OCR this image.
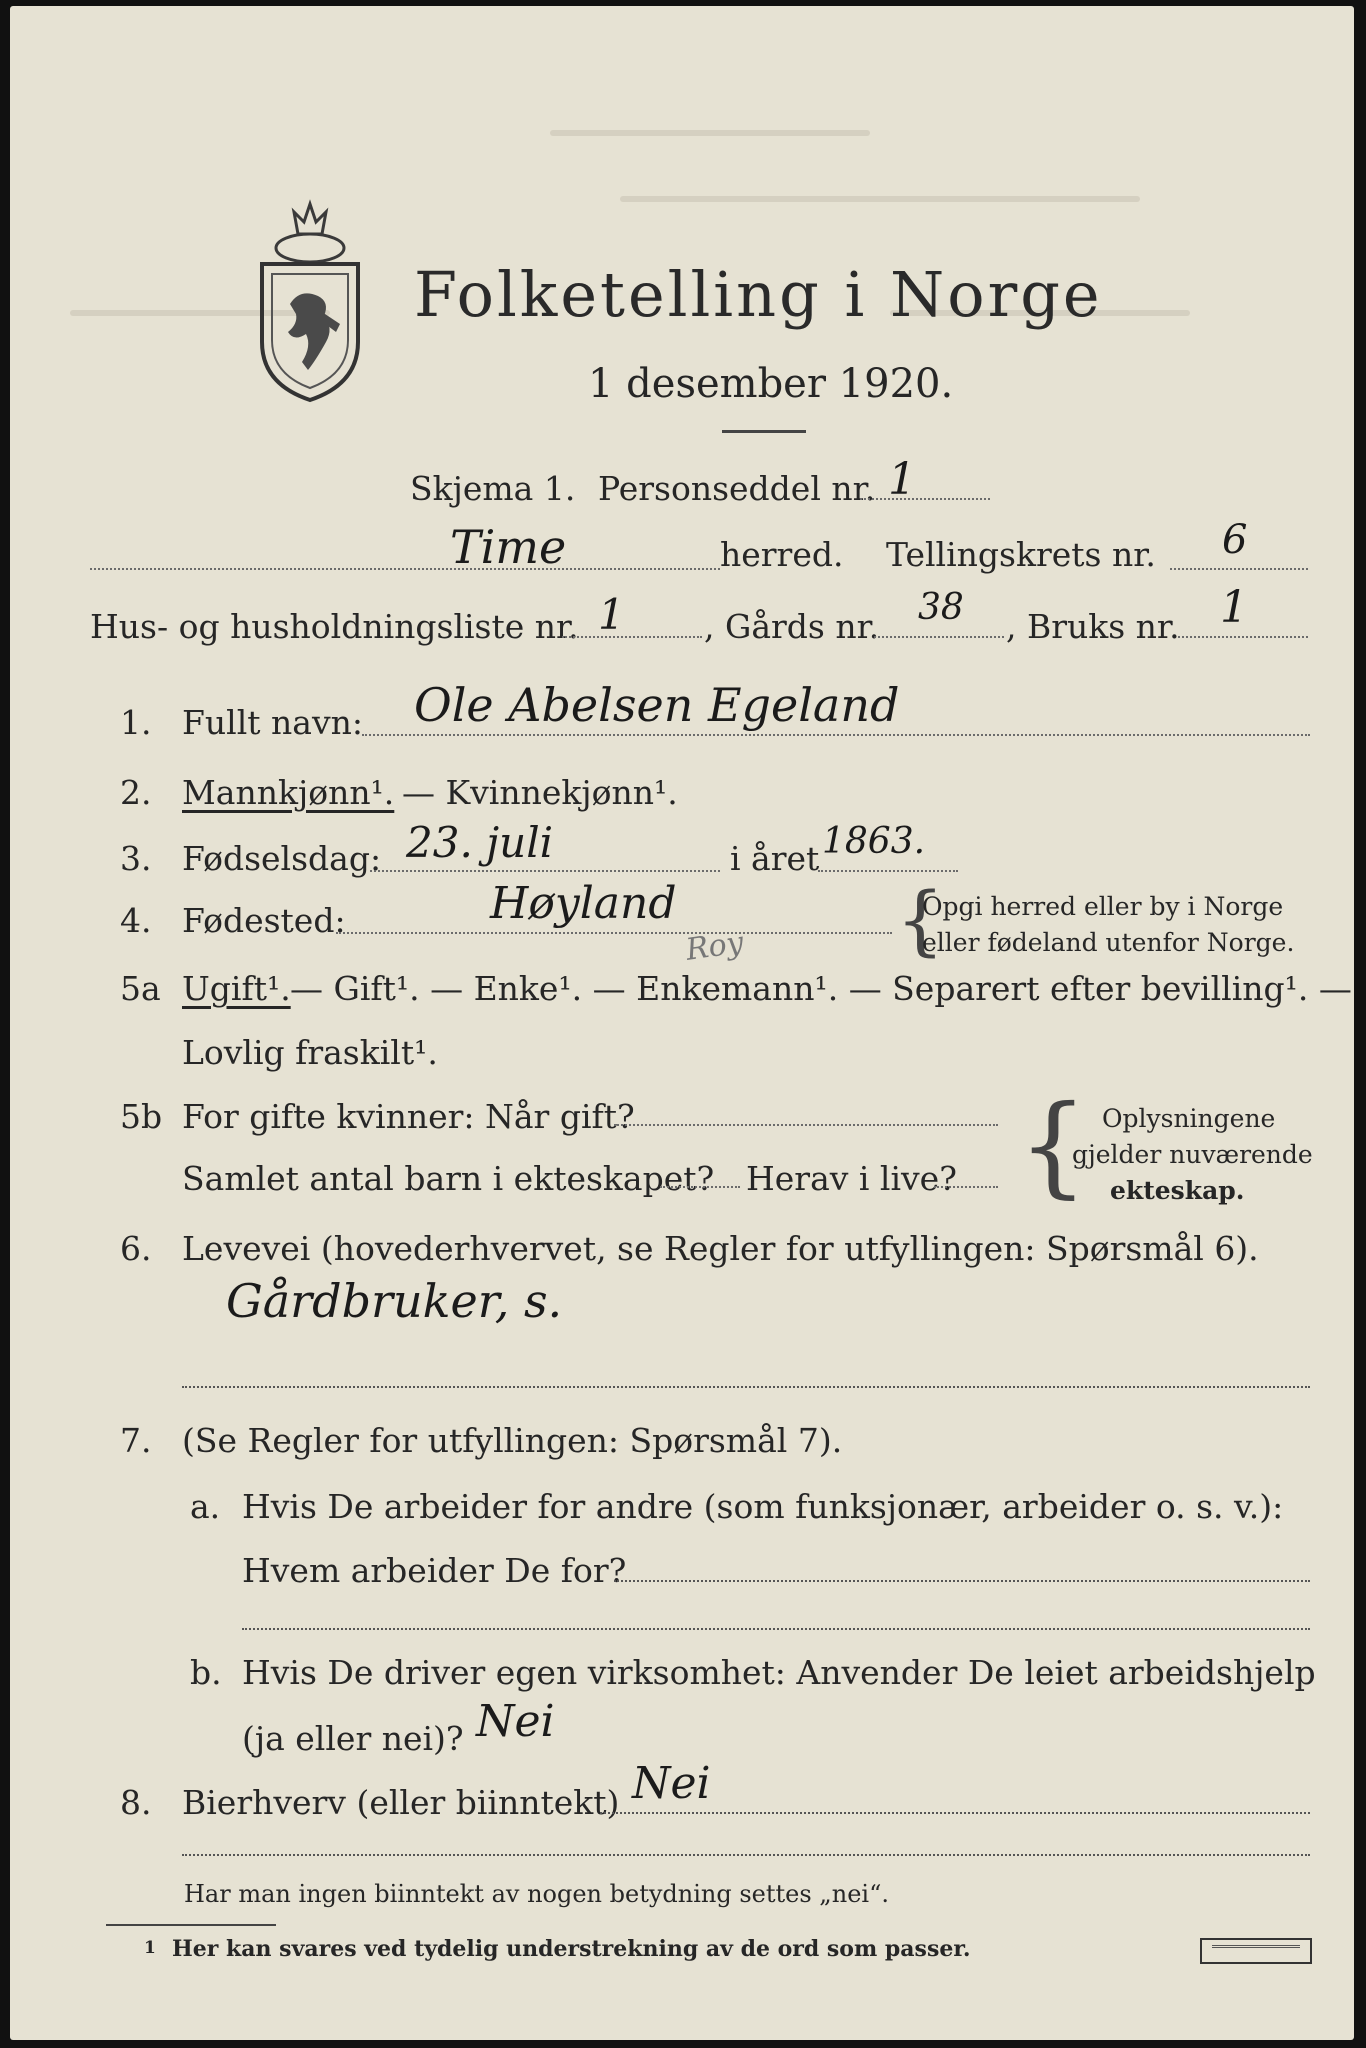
Folketelling i Norge
1 desember 1920.
Skjema 1. Personseddel nr. 1
Time	herred. Tellingskrets nr. 6
Hus- og husholdningsliste nr. 1 , Gårds nr. 38 , Bruks nr. 1
1. Fullt navn: Ole Abelsen Egeland
2. Mannkjønn¹. — Kvinnekjønn¹.
3. Fødselsdag: 23. juli	i året 1863.
4. Fødested:	Høyland
Roy {
Opgi herred eller by i Norge
eller fødeland utenfor Norge.
5a Ugift¹. — Gift¹. — Enke¹. — Enkemann¹. — Separert efter bevilling¹. —
Lovlig fraskilt¹.
5b For gifte kvinner: Når gift?
Samlet antal barn i ekteskapet? Herav i live? { Oplysningene
gjelder nuværende
ekteskap.
6. Levevei (hovederhvervet, se Regler for utfyllingen: Spørsmål 6).
Gårdbruker, s.
7. (Se Regler for utfyllingen: Spørsmål 7).
a. Hvis De arbeider for andre (som funksjonær, arbeider o. s. v.):
Hvem arbeider De for?
b. Hvis De driver egen virksomhet: Anvender De leiet arbeidshjelp
(ja eller nei)? Nei
8. Bierhverv (eller biinntekt) Nei
Har man ingen biinntekt av nogen betydning settes „nei“.
1 Her kan svares ved tydelig understrekning av de ord som passer.
